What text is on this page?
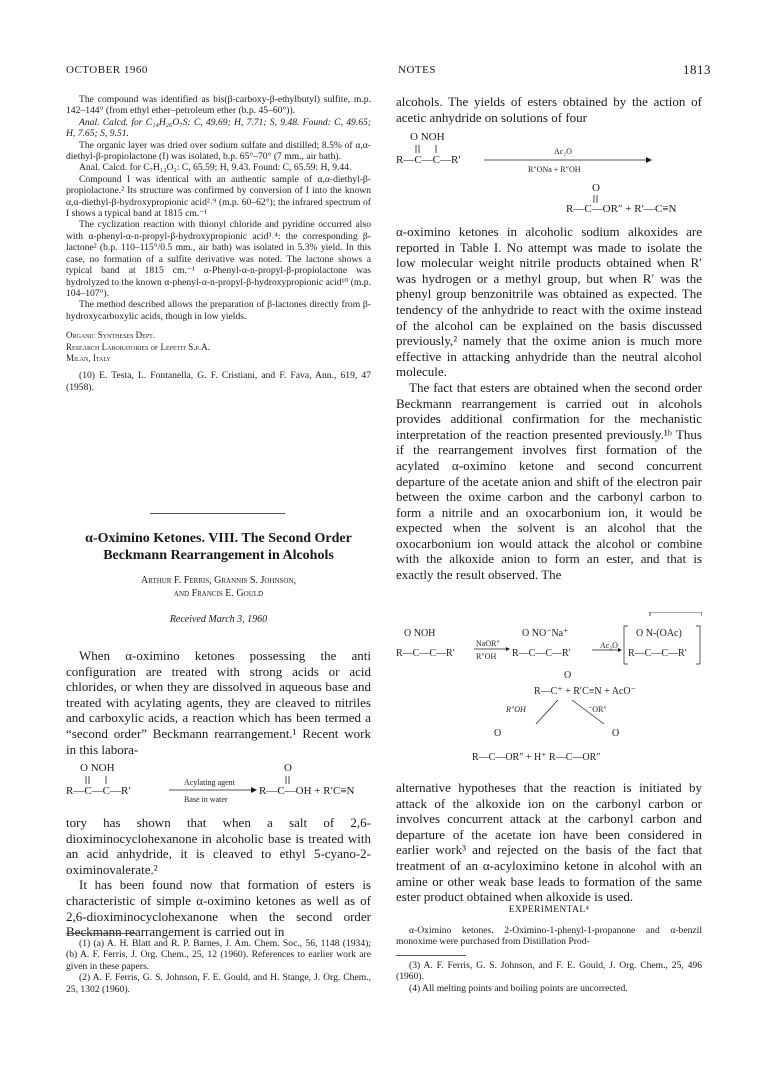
OCTOBER 1960	NOTES	1813

The compound was identified as bis(β-carboxy-β-ethylbutyl) sulfite, m.p. 142–144° (from ethyl ether–petroleum ether (b.p. 45–60°)).

Anal. Calcd. for C₁₄H₂₆O₇S: C, 49.69; H, 7.71; S, 9.48. Found: C, 49.65; H, 7.65; S, 9.51.

The organic layer was dried over sodium sulfate and distilled; 8.5% of α,α-diethyl-β-propiolactone (I) was isolated, b.p. 65°–70° (7 mm., air bath).

Anal. Calcd. for C₇H₁₂O₂: C, 65.59; H, 9.43. Found: C, 65.59: H, 9.44.

Compound I was identical with an authentic sample of α,α-diethyl-β-propiolactone.² Its structure was confirmed by conversion of I into the known α,α-diethyl-β-hydroxypropionic acid²˒⁹ (m.p. 60–62°); the infrared spectrum of I shows a typical band at 1815 cm.⁻¹

The cyclization reaction with thionyl chloride and pyridine occurred also with α-phenyl-α-n-propyl-β-hydroxypropionic acid³˒⁴: the corresponding β-lactone² (b.p. 110–115°/0.5 mm., air bath) was isolated in 5.3% yield. In this case, no formation of a sulfite derivative was noted. The lactone shows a typical band at 1815 cm.⁻¹ α-Phenyl-α-n-propyl-β-propiolactone was hydrolyzed to the known α-phenyl-α-n-propyl-β-hydroxypropionic acid¹⁰ (m.p. 104–107°).

The method described allows the preparation of β-lactones directly from β-hydroxycarboxylic acids, though in low yields.

Organic Syntheses Dept.

Research Laboratories of Lepetit S.p.A.

Milan, Italy

(10) E. Testa, L. Fontanella, G. F. Cristiani, and F. Fava, Ann., 619, 47 (1958).

α-Oximino Ketones. VIII. The Second Order

Beckmann Rearrangement in Alcohols

Arthur F. Ferris, Grannis S. Johnson,

and Francis E. Gould

Received March 3, 1960

When α-oximino ketones possessing the anti configuration are treated with strong acids or acid chlorides, or when they are dissolved in aqueous base and treated with acylating agents, they are cleaved to nitriles and carboxylic acids, a reaction which has been termed a “second order” Beckmann rearrangement.¹ Recent work in this labora-

O NOH
R—C—C—R′
Acylating agent
Base in water
O
R—C—OH + R′C≡N

tory has shown that when a salt of 2,6-dioximinocyclohexanone in alcoholic base is treated with an acid anhydride, it is cleaved to ethyl 5-cyano-2-oximinovalerate.²

It has been found now that formation of esters is characteristic of simple α-oximino ketones as well as of 2,6-dioximinocyclohexanone when the second order Beckmann rearrangement is carried out in

(1) (a) A. H. Blatt and R. P. Barnes, J. Am. Chem. Soc., 56, 1148 (1934); (b) A. F. Ferris, J. Org. Chem., 25, 12 (1960). References to earlier work are given in these papers.

(2) A. F. Ferris, G. S. Johnson, F. E. Gould, and H. Stange, J. Org. Chem., 25, 1302 (1960).

alcohols. The yields of esters obtained by the action of acetic anhydride on solutions of four

O NOH
R—C—C—R′
Ac₂O
R″ONa + R″OH
O
R—C—OR″ + R′—C≡N

α-oximino ketones in alcoholic sodium alkoxides are reported in Table I. No attempt was made to isolate the low molecular weight nitrile products obtained when R′ was hydrogen or a methyl group, but when R′ was the phenyl group benzonitrile was obtained as expected. The tendency of the anhydride to react with the oxime instead of the alcohol can be explained on the basis discussed previously,² namely that the oxime anion is much more effective in attacking anhydride than the neutral alcohol molecule.

The fact that esters are obtained when the second order Beckmann rearrangement is carried out in alcohols provides additional confirmation for the mechanistic interpretation of the reaction presented previously.¹ᵇ Thus if the rearrangement involves first formation of the acylated α-oximino ketone and second concurrent departure of the acetate anion and shift of the electron pair between the oxime carbon and the carbonyl carbon to form a nitrile and an oxocarbonium ion, it would be expected when the solvent is an alcohol that the oxocarbonium ion would attack the alcohol or combine with the alkoxide anion to form an ester, and that is exactly the result observed. The

O NOH
R—C—C—R′
NaOR″
R″OH
O NO⁻Na⁺
R—C—C—R′
Ac₂O
O N-(OAc)
R—C—C—R′
O
R—C⁺ + R′C≡N + AcO⁻
R″OH	⁻OR″
O	O
R—C—OR″ + H⁺ R—C—OR″

alternative hypotheses that the reaction is initiated by attack of the alkoxide ion on the carbonyl carbon or involves concurrent attack at the carbonyl carbon and departure of the acetate ion have been considered in earlier work³ and rejected on the basis of the fact that treatment of an α-acyloximino ketone in alcohol with an amine or other weak base leads to formation of the same ester product obtained when alkoxide is used.

EXPERIMENTAL⁴

α-Oximino ketones. 2-Oximino-1-phenyl-1-propanone and α-benzil monoxime were purchased from Distillation Prod-

(3) A. F. Ferris, G. S. Johnson, and F. E. Gould, J. Org. Chem., 25, 496 (1960).

(4) All melting points and boiling points are uncorrected.
